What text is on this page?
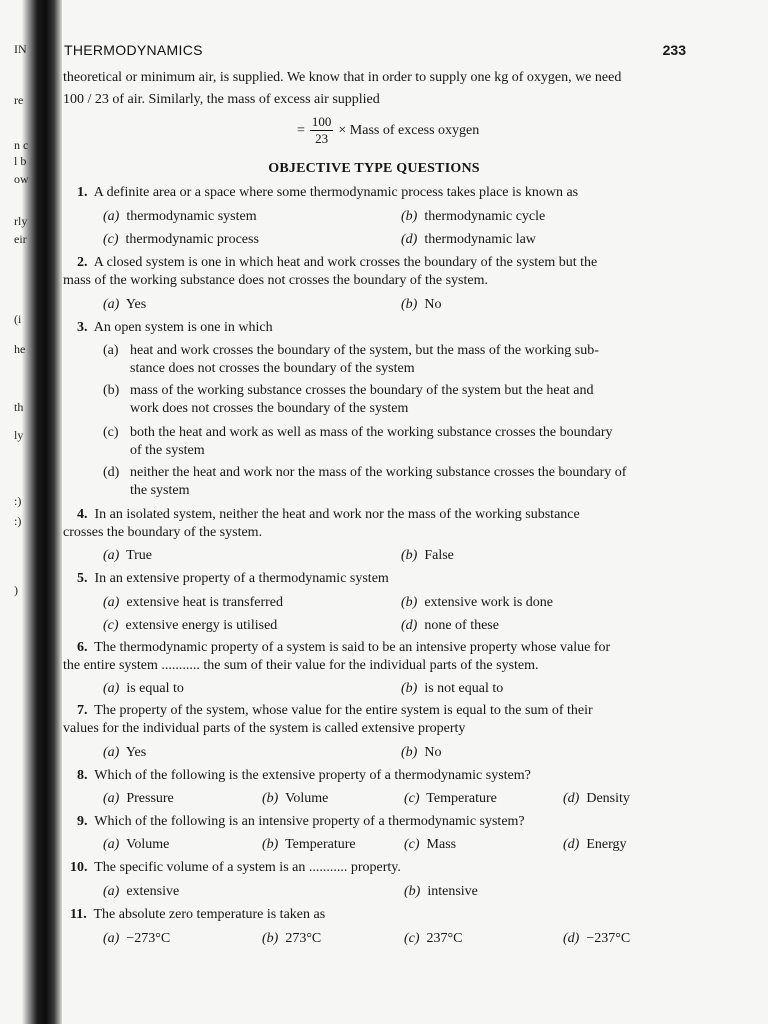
IN
re
n c
l b
ow
rly
eir
(i
he
th
ly
:)
:)
)
THERMODYNAMICS	233
theoretical or minimum air, is supplied. We know that in order to supply one kg of oxygen, we need
100 / 23 of air. Similarly, the mass of excess air supplied
= $\frac{100}{23}$ × Mass of excess oxygen
OBJECTIVE TYPE QUESTIONS
1. A definite area or a space where some thermodynamic process takes place is known as
(a) thermodynamic system	(b) thermodynamic cycle
(c) thermodynamic process	(d) thermodynamic law
2. A closed system is one in which heat and work crosses the boundary of the system but the
mass of the working substance does not crosses the boundary of the system.
(a) Yes	(b) No
3. An open system is one in which
(a) heat and work crosses the boundary of the system, but the mass of the working sub-
stance does not crosses the boundary of the system
(b) mass of the working substance crosses the boundary of the system but the heat and
work does not crosses the boundary of the system
(c) both the heat and work as well as mass of the working substance crosses the boundary
of the system
(d) neither the heat and work nor the mass of the working substance crosses the boundary of
the system
4. In an isolated system, neither the heat and work nor the mass of the working substance
crosses the boundary of the system.
(a) True	(b) False
5. In an extensive property of a thermodynamic system
(a) extensive heat is transferred	(b) extensive work is done
(c) extensive energy is utilised	(d) none of these
6. The thermodynamic property of a system is said to be an intensive property whose value for
the entire system ........... the sum of their value for the individual parts of the system.
(a) is equal to	(b) is not equal to
7. The property of the system, whose value for the entire system is equal to the sum of their
values for the individual parts of the system is called extensive property
(a) Yes	(b) No
8. Which of the following is the extensive property of a thermodynamic system?
(a) Pressure	(b) Volume	(c) Temperature	(d) Density
9. Which of the following is an intensive property of a thermodynamic system?
(a) Volume	(b) Temperature	(c) Mass	(d) Energy
10. The specific volume of a system is an ........... property.
(a) extensive	(b) intensive
11. The absolute zero temperature is taken as
(a) −273°C	(b) 273°C	(c) 237°C	(d) −237°C
